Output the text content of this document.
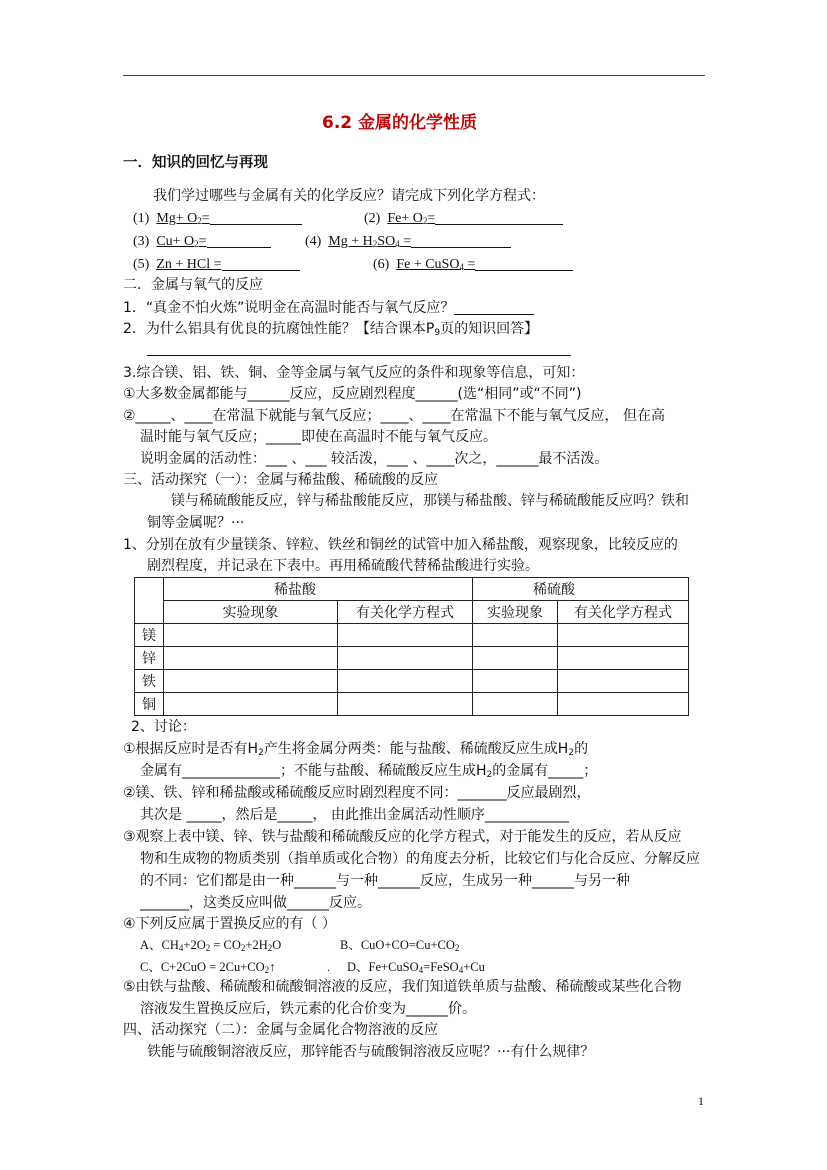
6.2 金属的化学性质
一．知识的回忆与再现
我们学过哪些与金属有关的化学反应？请完成下列化学方程式：
(1) $Mg+ O_2=$	(2) $Fe+ O_2=$
(3) $Cu+ O_2=$	(4) $Mg + H_2SO_4$ =
(5) Zn + HCl =	(6) Fe + CuSO$_4$ =
二．金属与氧气的反应
1．“真金不怕火炼”说明金在高温时能否与氧气反应？
2．为什么铝具有优良的抗腐蚀性能？【结合课本$P_9$页的知识回答】
3.综合镁、铝、铁、铜、金等金属与氧气反应的条件和现象等信息，可知：
①大多数金属都能与______反应，反应剧烈程度______(选“相同”或“不同”)
②_____、____在常温下就能与氧气反应；____、____在常温下不能与氧气反应， 但在高
温时能与氧气反应；_____即使在高温时不能与氧气反应。
说明金属的活动性：___ 、___ 较活泼，___ 、____次之，______最不活泼。
三、活动探究（一）：金属与稀盐酸、稀硫酸的反应
镁与稀硫酸能反应，锌与稀盐酸能反应，那镁与稀盐酸、锌与稀硫酸能反应吗？铁和
铜等金属呢？···
1、分别在放有少量镁条、锌粒、铁丝和铜丝的试管中加入稀盐酸，观察现象，比较反应的
剧烈程度，并记录在下表中。再用稀硫酸代替稀盐酸进行实验。
	稀盐酸		稀硫酸	
	实验现象	有关化学方程式	实验现象	有关化学方程式
镁				
锌				
铁				
铜				
2、讨论：
①根据反应时是否有$H_2$产生将金属分两类：能与盐酸、稀硫酸反应生成$H_2$的
金属有______________；不能与盐酸、稀硫酸反应生成$H_2$的金属有_____；
②镁、铁、锌和稀盐酸或稀硫酸反应时剧烈程度不同：_______反应最剧烈，
其次是 _____，然后是_____， 由此推出金属活动性顺序____________
③观察上表中镁、锌、铁与盐酸和稀硫酸反应的化学方程式，对于能发生的反应，若从反应
物和生成物的物质类别（指单质或化合物）的角度去分析，比较它们与化合反应、分解反应
的不同：它们都是由一种______与一种______反应，生成另一种______与另一种
_______，这类反应叫做______反应。
④下列反应属于置换反应的有（ ）
A、$CH_4+2O_2 = CO_2+2H_2O$	B、$CuO+CO=Cu+CO_2$
C、$C+2CuO = 2Cu+CO_2↑$	. D、Fe+CuSO$_4$=FeSO$_4$+Cu
⑤由铁与盐酸、稀硫酸和硫酸铜溶液的反应，我们知道铁单质与盐酸、稀硫酸或某些化合物
溶液发生置换反应后，铁元素的化合价变为______价。
四、活动探究（二）：金属与金属化合物溶液的反应
铁能与硫酸铜溶液反应，那锌能否与硫酸铜溶液反应呢？···有什么规律？
1
